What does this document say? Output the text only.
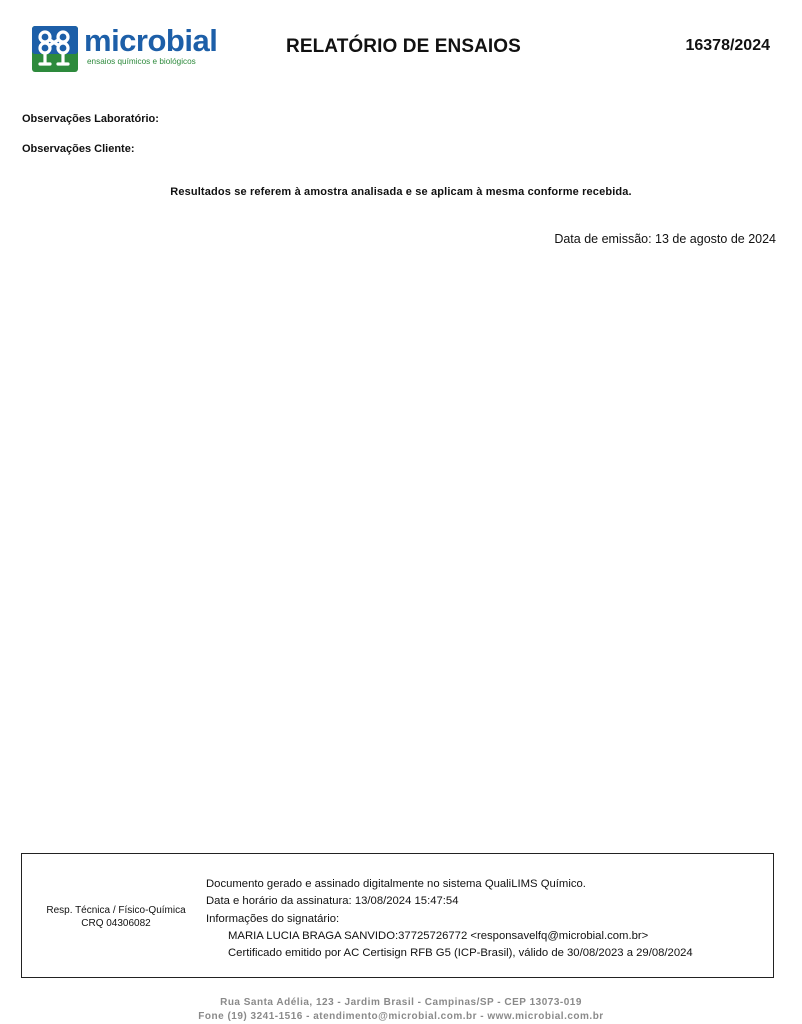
microbial
ensaios químicos e biológicos
RELATÓRIO DE ENSAIOS	16378/2024
Observações Laboratório:
Observações Cliente:
Resultados se referem à amostra analisada e se aplicam à mesma conforme recebida.
Data de emissão: 13 de agosto de 2024
Resp. Técnica / Físico-Química
CRQ 04306082
Documento gerado e assinado digitalmente no sistema QualiLIMS Químico.
Data e horário da assinatura: 13/08/2024 15:47:54
Informações do signatário:
MARIA LUCIA BRAGA SANVIDO:37725726772 <responsavelfq@microbial.com.br>
Certificado emitido por AC Certisign RFB G5 (ICP-Brasil), válido de 30/08/2023 a 29/08/2024
Rua Santa Adélia, 123 - Jardim Brasil - Campinas/SP - CEP 13073-019
Fone (19) 3241-1516 - atendimento@microbial.com.br - www.microbial.com.br
